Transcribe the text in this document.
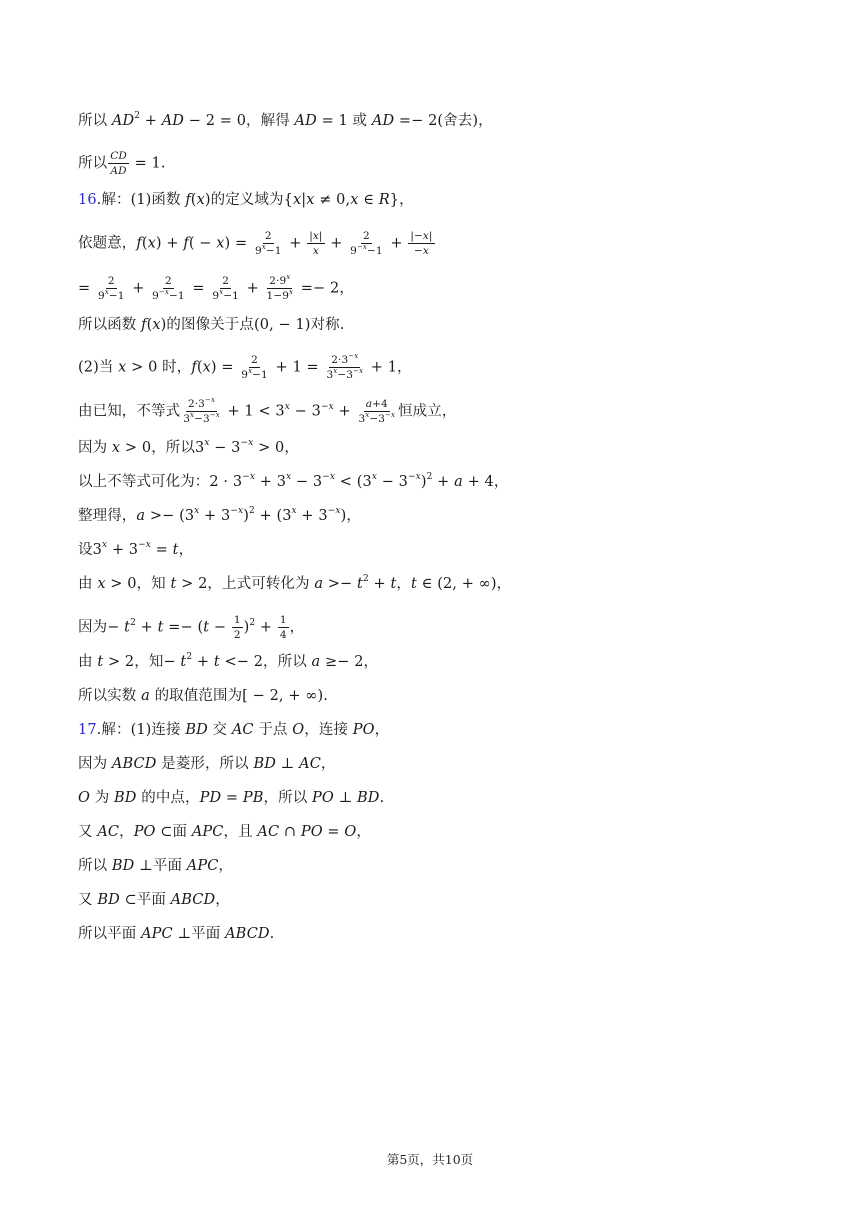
所以 $AD^2$ + AD − 2 = 0，解得 AD = 1 或 AD =− 2(舍去)，
所以 $\frac{CD}{AD} = 1$.
16.解：(1)函数 f(x)的定义域为{x|x ≠ 0,x ∈ R}，
依题意，$f(x) + f( - x) = \frac{2}{9^x-1} + \frac{|x|}{x} + \frac{2}{9^{-x}-1} + \frac{|-x|}{-x}$
= $\frac{2}{9^x-1} + \frac{2}{9^{-x}-1} = \frac{2}{9^x-1} + \frac{2\cdot 9^x}{1-9^x} =- 2$，
所以函数 f(x)的图像关于点(0, − 1)对称.
(2)当 x > 0 时，$f(x) = \frac{2}{9^x-1} + 1 = \frac{2\cdot 3^{-x}}{3^x-3^{-x}} + 1$，
由已知，不等式 $\frac{2\cdot 3^{-x}}{3^x-3^{-x}} + 1 < 3^x - 3^{-x} + \frac{a+4}{3^x-3^{-x}}$ 恒成立，
因为 x > 0，所以$3^x - 3^{-x} > 0$，
以上不等式可化为：$2 \cdot 3^{-x} + 3^x - 3^{-x} < (3^x - 3^{-x})^2 + a + 4$，
整理得，$a >- (3^x + 3^{-x})^2 + (3^x + 3^{-x})$，
设$3^x + 3^{-x} = t$，
由 x > 0，知 t > 2，上式可转化为 $a >- t^2 + t$，t ∈ (2, + ∞)，
因为− $t^2 + t =- (t - \frac{1}{2} )^2 + \frac{1}{4}$ ，
由 t > 2，知− $t^2 + t <- 2$，所以 a ≥− 2，
所以实数 a 的取值范围为[ − 2, + ∞).
17.解：(1)连接 BD 交 AC 于点 O，连接 PO，
因为 ABCD 是菱形，所以 BD ⊥ AC，
O 为 BD 的中点，PD = PB，所以 PO ⊥ BD.
又 AC，PO ⊂面 APC，且 AC ∩ PO = O，
所以 BD ⊥平面 APC，
又 BD ⊂平面 ABCD，
所以平面 APC ⊥平面 ABCD.
第5页，共10页
